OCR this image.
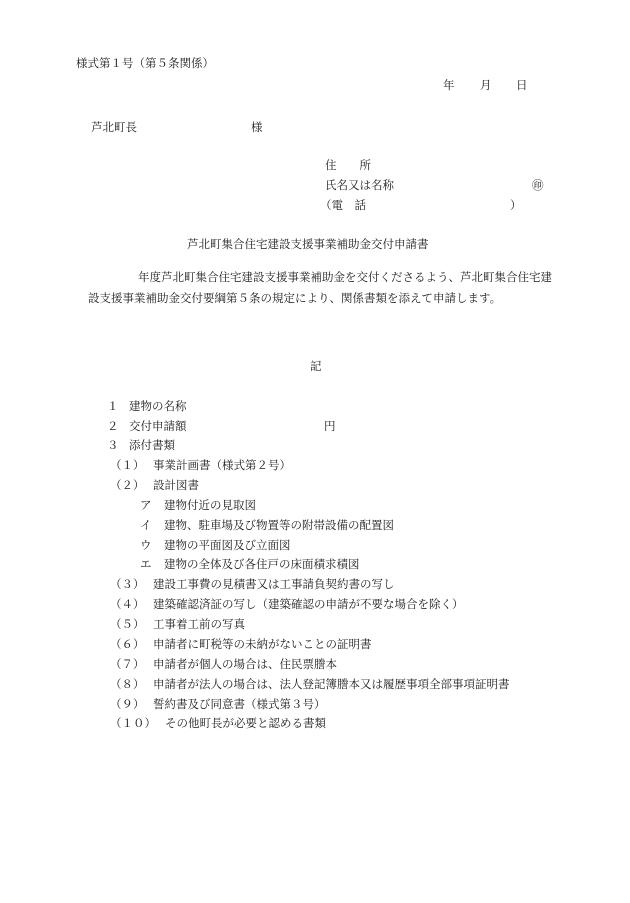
様式第１号（第５条関係）
年 月 日
芦北町長	様
住　　所
氏名又は名称	㊞
（電　話	）
芦北町集合住宅建設支援事業補助金交付申請書
年度芦北町集合住宅建設支援事業補助金を交付くださるよう、芦北町集合住宅建設支援事業補助金交付要綱第５条の規定により、関係書類を添えて申請します。
記
１ 建物の名称
２ 交付申請額	円
３ 添付書類
（１） 事業計画書（様式第２号）
（２） 設計図書
ア 建物付近の見取図
イ 建物、駐車場及び物置等の附帯設備の配置図
ウ 建物の平面図及び立面図
エ 建物の全体及び各住戸の床面積求積図
（３） 建設工事費の見積書又は工事請負契約書の写し
（４） 建築確認済証の写し（建築確認の申請が不要な場合を除く）
（５） 工事着工前の写真
（６） 申請者に町税等の未納がないことの証明書
（７） 申請者が個人の場合は、住民票謄本
（８） 申請者が法人の場合は、法人登記簿謄本又は履歴事項全部事項証明書
（９） 誓約書及び同意書（様式第３号）
（１０） その他町長が必要と認める書類
